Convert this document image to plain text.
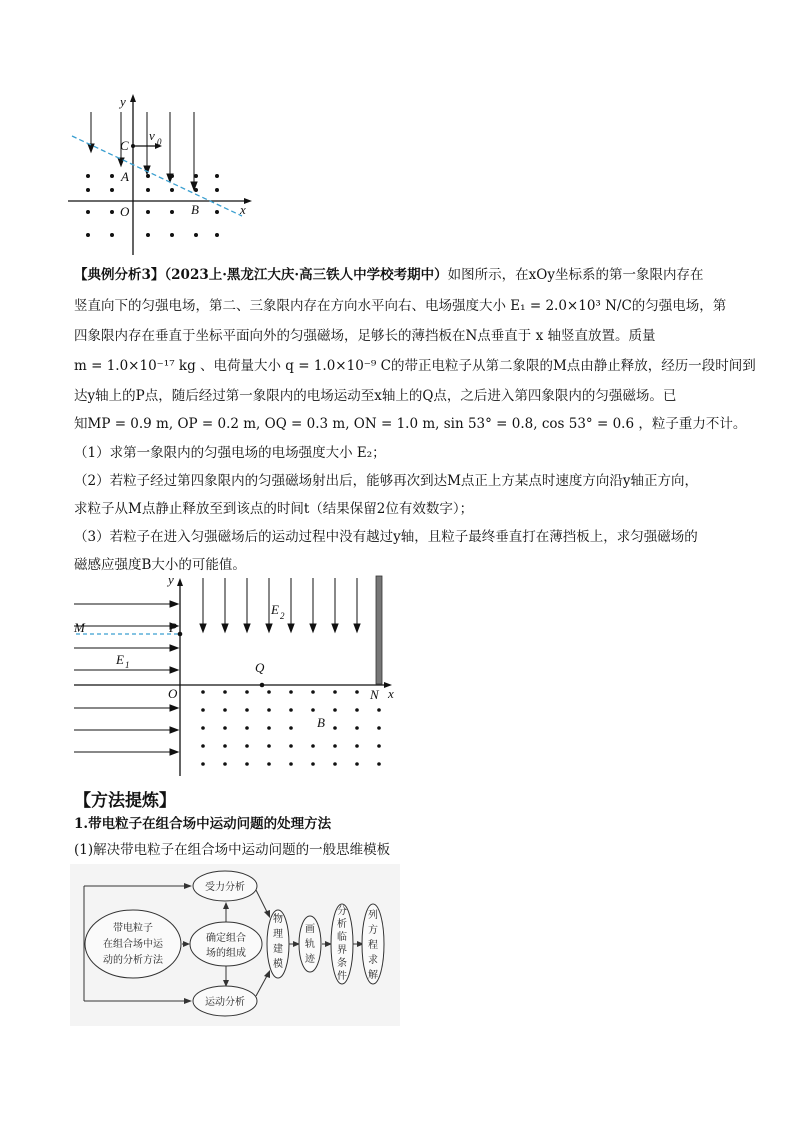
y
x
C
v 0
A
O	B
【典例分析3】（2023上·黑龙江大庆·高三铁人中学校考期中）如图所示，在xOy坐标系的第一象限内存在
竖直向下的匀强电场，第二、三象限内存在方向水平向右、电场强度大小 E₁ = 2.0×10³ N/C的匀强电场，第
四象限内存在垂直于坐标平面向外的匀强磁场，足够长的薄挡板在N点垂直于 x 轴竖直放置。质量
m = 1.0×10⁻¹⁷ kg 、电荷量大小 q = 1.0×10⁻⁹ C的带正电粒子从第二象限的M点由静止释放，经历一段时间到
达y轴上的P点，随后经过第一象限内的电场运动至x轴上的Q点，之后进入第四象限内的匀强磁场。已
知MP = 0.9 m, OP = 0.2 m, OQ = 0.3 m, ON = 1.0 m, sin 53° = 0.8, cos 53° = 0.6 ，粒子重力不计。
（1）求第一象限内的匀强电场的电场强度大小 E₂；
（2）若粒子经过第四象限内的匀强磁场射出后，能够再次到达M点正上方某点时速度方向沿y轴正方向，
求粒子从M点静止释放至到该点的时间t（结果保留2位有效数字）；
（3）若粒子在进入匀强磁场后的运动过程中没有越过y轴，且粒子最终垂直打在薄挡板上，求匀强磁场的
磁感应强度B大小的可能值。
y
x
M	P
E 1
E 2
Q
O	N
B
【方法提炼】
1.带电粒子在组合场中运动问题的处理方法
(1)解决带电粒子在组合场中运动问题的一般思维模板
带电粒子
在组合场中运
动的分析方法
确定组合
场的组成
受力分析
运动分析
物
理
建
模
画
轨
迹
分
析
临
界
条
件
列
方
程
求
解
